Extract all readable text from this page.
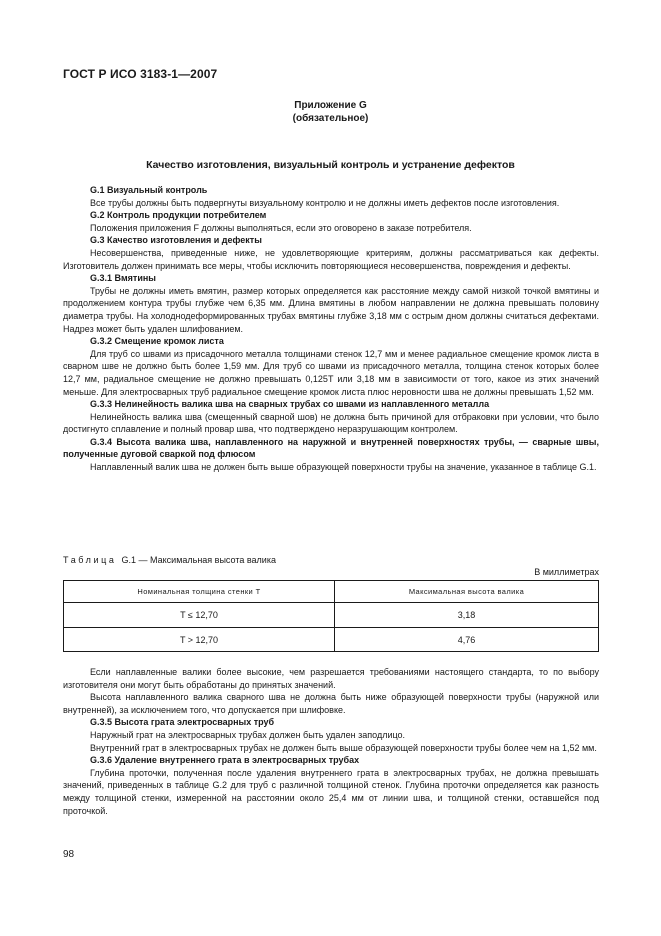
ГОСТ Р ИСО 3183-1—2007
Приложение G
(обязательное)
Качество изготовления, визуальный контроль и устранение дефектов

G.1 Визуальный контроль

Все трубы должны быть подвергнуты визуальному контролю и не должны иметь дефектов после изготовления.

G.2 Контроль продукции потребителем

Положения приложения F должны выполняться, если это оговорено в заказе потребителя.

G.3 Качество изготовления и дефекты

Несовершенства, приведенные ниже, не удовлетворяющие критериям, должны рассматриваться как дефекты. Изготовитель должен принимать все меры, чтобы исключить повторяющиеся несовершенства, повреждения и дефекты.

G.3.1 Вмятины

Трубы не должны иметь вмятин, размер которых определяется как расстояние между самой низкой точкой вмятины и продолжением контура трубы глубже чем 6,35 мм. Длина вмятины в любом направлении не должна превышать половину диаметра трубы. На холоднодеформированных трубах вмятины глубже 3,18 мм с острым дном должны считаться дефектами. Надрез может быть удален шлифованием.

G.3.2 Смещение кромок листа

Для труб со швами из присадочного металла толщинами стенок 12,7 мм и менее радиальное смещение кромок листа в сварном шве не должно быть более 1,59 мм. Для труб со швами из присадочного металла, толщина стенок которых более 12,7 мм, радиальное смещение не должно превышать 0,125T или 3,18 мм в зависимости от того, какое из этих значений меньше. Для электросварных труб радиальное смещение кромок листа плюс неровности шва не должны превышать 1,52 мм.

G.3.3 Нелинейность валика шва на сварных трубах со швами из наплавленного металла

Нелинейность валика шва (смещенный сварной шов) не должна быть причиной для отбраковки при условии, что было достигнуто сплавление и полный провар шва, что подтверждено неразрушающим контролем.

G.3.4 Высота валика шва, наплавленного на наружной и внутренней поверхностях трубы, — сварные швы, полученные дуговой сваркой под флюсом

Наплавленный валик шва не должен быть выше образующей поверхности трубы на значение, указанное в таблице G.1.

Таблица G.1 — Максимальная высота валика
В миллиметрах
Номинальная толщина стенки T	Максимальная высота валика
T ≤ 12,70	3,18
T > 12,70	4,76

Если наплавленные валики более высокие, чем разрешается требованиями настоящего стандарта, то по выбору изготовителя они могут быть обработаны до принятых значений.

Высота наплавленного валика сварного шва не должна быть ниже образующей поверхности трубы (наружной или внутренней), за исключением того, что допускается при шлифовке.

G.3.5 Высота грата электросварных труб

Наружный грат на электросварных трубах должен быть удален заподлицо.

Внутренний грат в электросварных трубах не должен быть выше образующей поверхности трубы более чем на 1,52 мм.

G.3.6 Удаление внутреннего грата в электросварных трубах

Глубина проточки, полученная после удаления внутреннего грата в электросварных трубах, не должна превышать значений, приведенных в таблице G.2 для труб с различной толщиной стенок. Глубина проточки определяется как разность между толщиной стенки, измеренной на расстоянии около 25,4 мм от линии шва, и толщиной стенки, оставшейся под проточкой.

98
